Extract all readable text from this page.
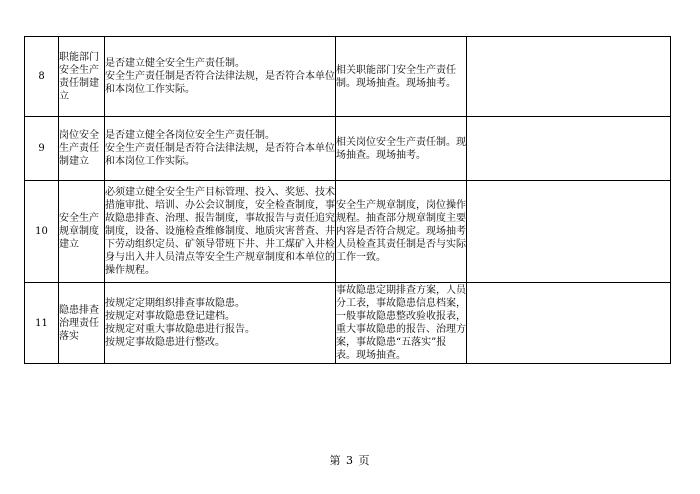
8	职能部门安全生产责任制建立	是否建立健全安全生产责任制。
安全生产责任制是否符合法律法规，是否符合本单位和本岗位工作实际。	相关职能部门安全生产责任制。现场抽查。现场抽考。	

9	岗位安全生产责任制建立	是否建立健全各岗位安全生产责任制。
安全生产责任制是否符合法律法规，是否符合本单位和本岗位工作实际。	相关岗位安全生产责任制。现场抽查。现场抽考。	

10	安全生产规章制度建立	必须建立健全安全生产目标管理、投入、奖惩、技术措施审批、培训、办公会议制度，安全检查制度，事故隐患排查、治理、报告制度，事故报告与责任追究制度，设备、设施检查维修制度、地质灾害普查、井下劳动组织定员、矿领导带班下井、井工煤矿入井检身与出入井人员清点等安全生产规章制度和本单位的操作规程。	安全生产规章制度，岗位操作规程。抽查部分规章制度主要内容是否符合规定。现场抽考人员检查其责任制是否与实际工作一致。	

11	隐患排查治理责任落实	按规定定期组织排查事故隐患。
按规定对事故隐患登记建档。
按规定对重大事故隐患进行报告。
按规定事故隐患进行整改。	事故隐患定期排查方案，人员分工表，事故隐患信息档案，一般事故隐患整改验收报表，重大事故隐患的报告、治理方案，事故隐患“五落实”报表。现场抽查。	

第 3 页
